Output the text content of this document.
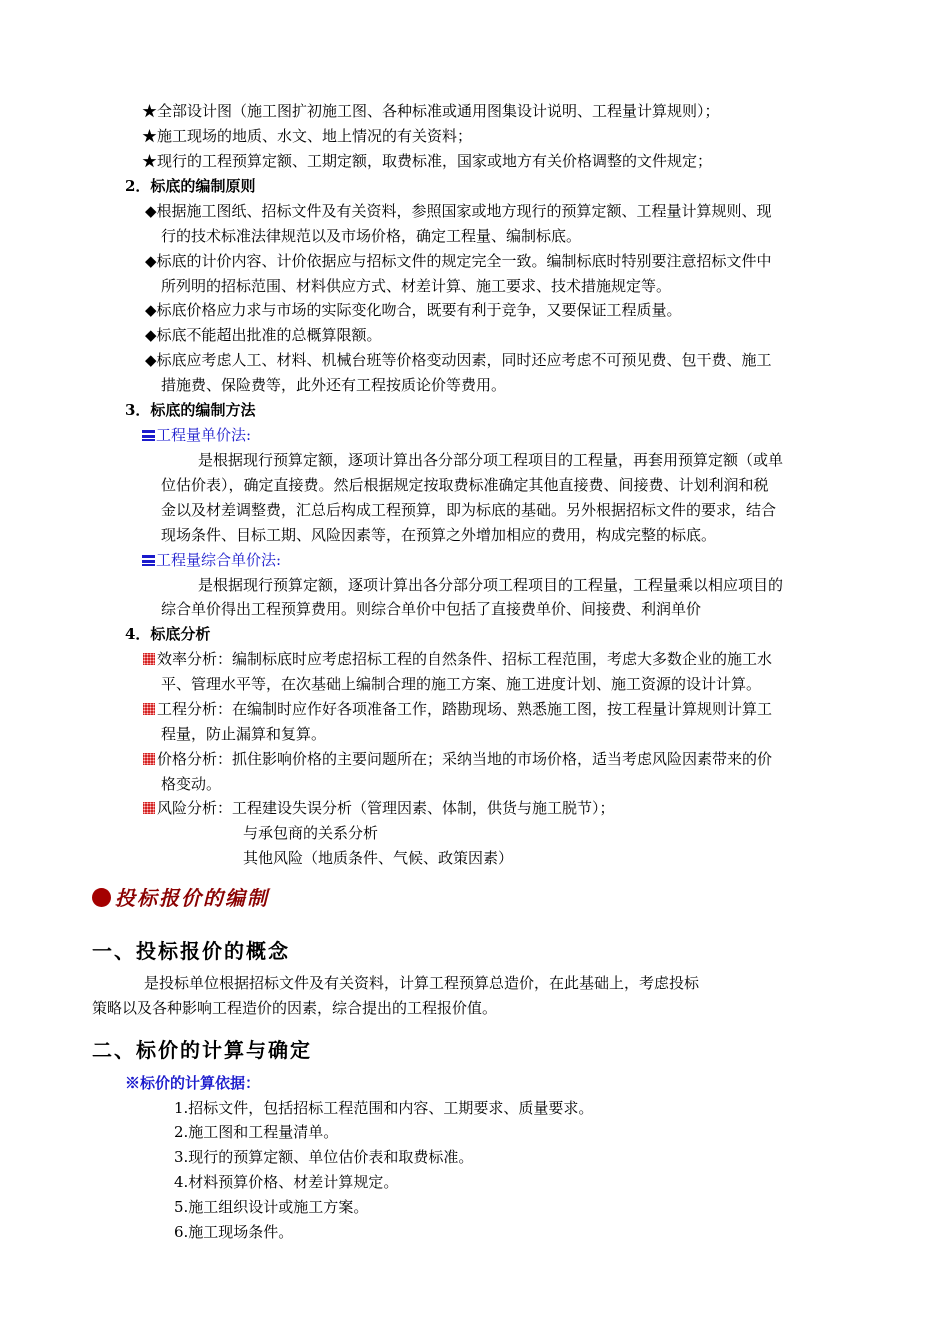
★全部设计图（施工图扩初施工图、各种标准或通用图集设计说明、工程量计算规则）；
★施工现场的地质、水文、地上情况的有关资料；
★现行的工程预算定额、工期定额，取费标准，国家或地方有关价格调整的文件规定；
2．标底的编制原则
◆根据施工图纸、招标文件及有关资料，参照国家或地方现行的预算定额、工程量计算规则、现
行的技术标准法律规范以及市场价格，确定工程量、编制标底。
◆标底的计价内容、计价依据应与招标文件的规定完全一致。编制标底时特别要注意招标文件中
所列明的招标范围、材料供应方式、材差计算、施工要求、技术措施规定等。
◆标底价格应力求与市场的实际变化吻合，既要有利于竞争，又要保证工程质量。
◆标底不能超出批准的总概算限额。
◆标底应考虑人工、材料、机械台班等价格变动因素，同时还应考虑不可预见费、包干费、施工
措施费、保险费等，此外还有工程按质论价等费用。
3．标底的编制方法
工程量单价法:
是根据现行预算定额，逐项计算出各分部分项工程项目的工程量，再套用预算定额（或单
位估价表），确定直接费。然后根据规定按取费标准确定其他直接费、间接费、计划利润和税
金以及材差调整费，汇总后构成工程预算，即为标底的基础。另外根据招标文件的要求，结合
现场条件、目标工期、风险因素等，在预算之外增加相应的费用，构成完整的标底。
工程量综合单价法:
是根据现行预算定额，逐项计算出各分部分项工程项目的工程量，工程量乘以相应项目的
综合单价得出工程预算费用。则综合单价中包括了直接费单价、间接费、利润单价
4．标底分析
效率分析：编制标底时应考虑招标工程的自然条件、招标工程范围，考虑大多数企业的施工水
平、管理水平等，在次基础上编制合理的施工方案、施工进度计划、施工资源的设计计算。
工程分析：在编制时应作好各项准备工作，踏勘现场、熟悉施工图，按工程量计算规则计算工
程量，防止漏算和复算。
价格分析：抓住影响价格的主要问题所在；采纳当地的市场价格，适当考虑风险因素带来的价
格变动。
风险分析：工程建设失误分析（管理因素、体制，供货与施工脱节）；
与承包商的关系分析
其他风险（地质条件、气候、政策因素）
投标报价的编制
一、投标报价的概念
是投标单位根据招标文件及有关资料，计算工程预算总造价，在此基础上，考虑投标
策略以及各种影响工程造价的因素，综合提出的工程报价值。
二、标价的计算与确定
※标价的计算依据：
1.招标文件，包括招标工程范围和内容、工期要求、质量要求。
2.施工图和工程量清单。
3.现行的预算定额、单位估价表和取费标准。
4.材料预算价格、材差计算规定。
5.施工组织设计或施工方案。
6.施工现场条件。
